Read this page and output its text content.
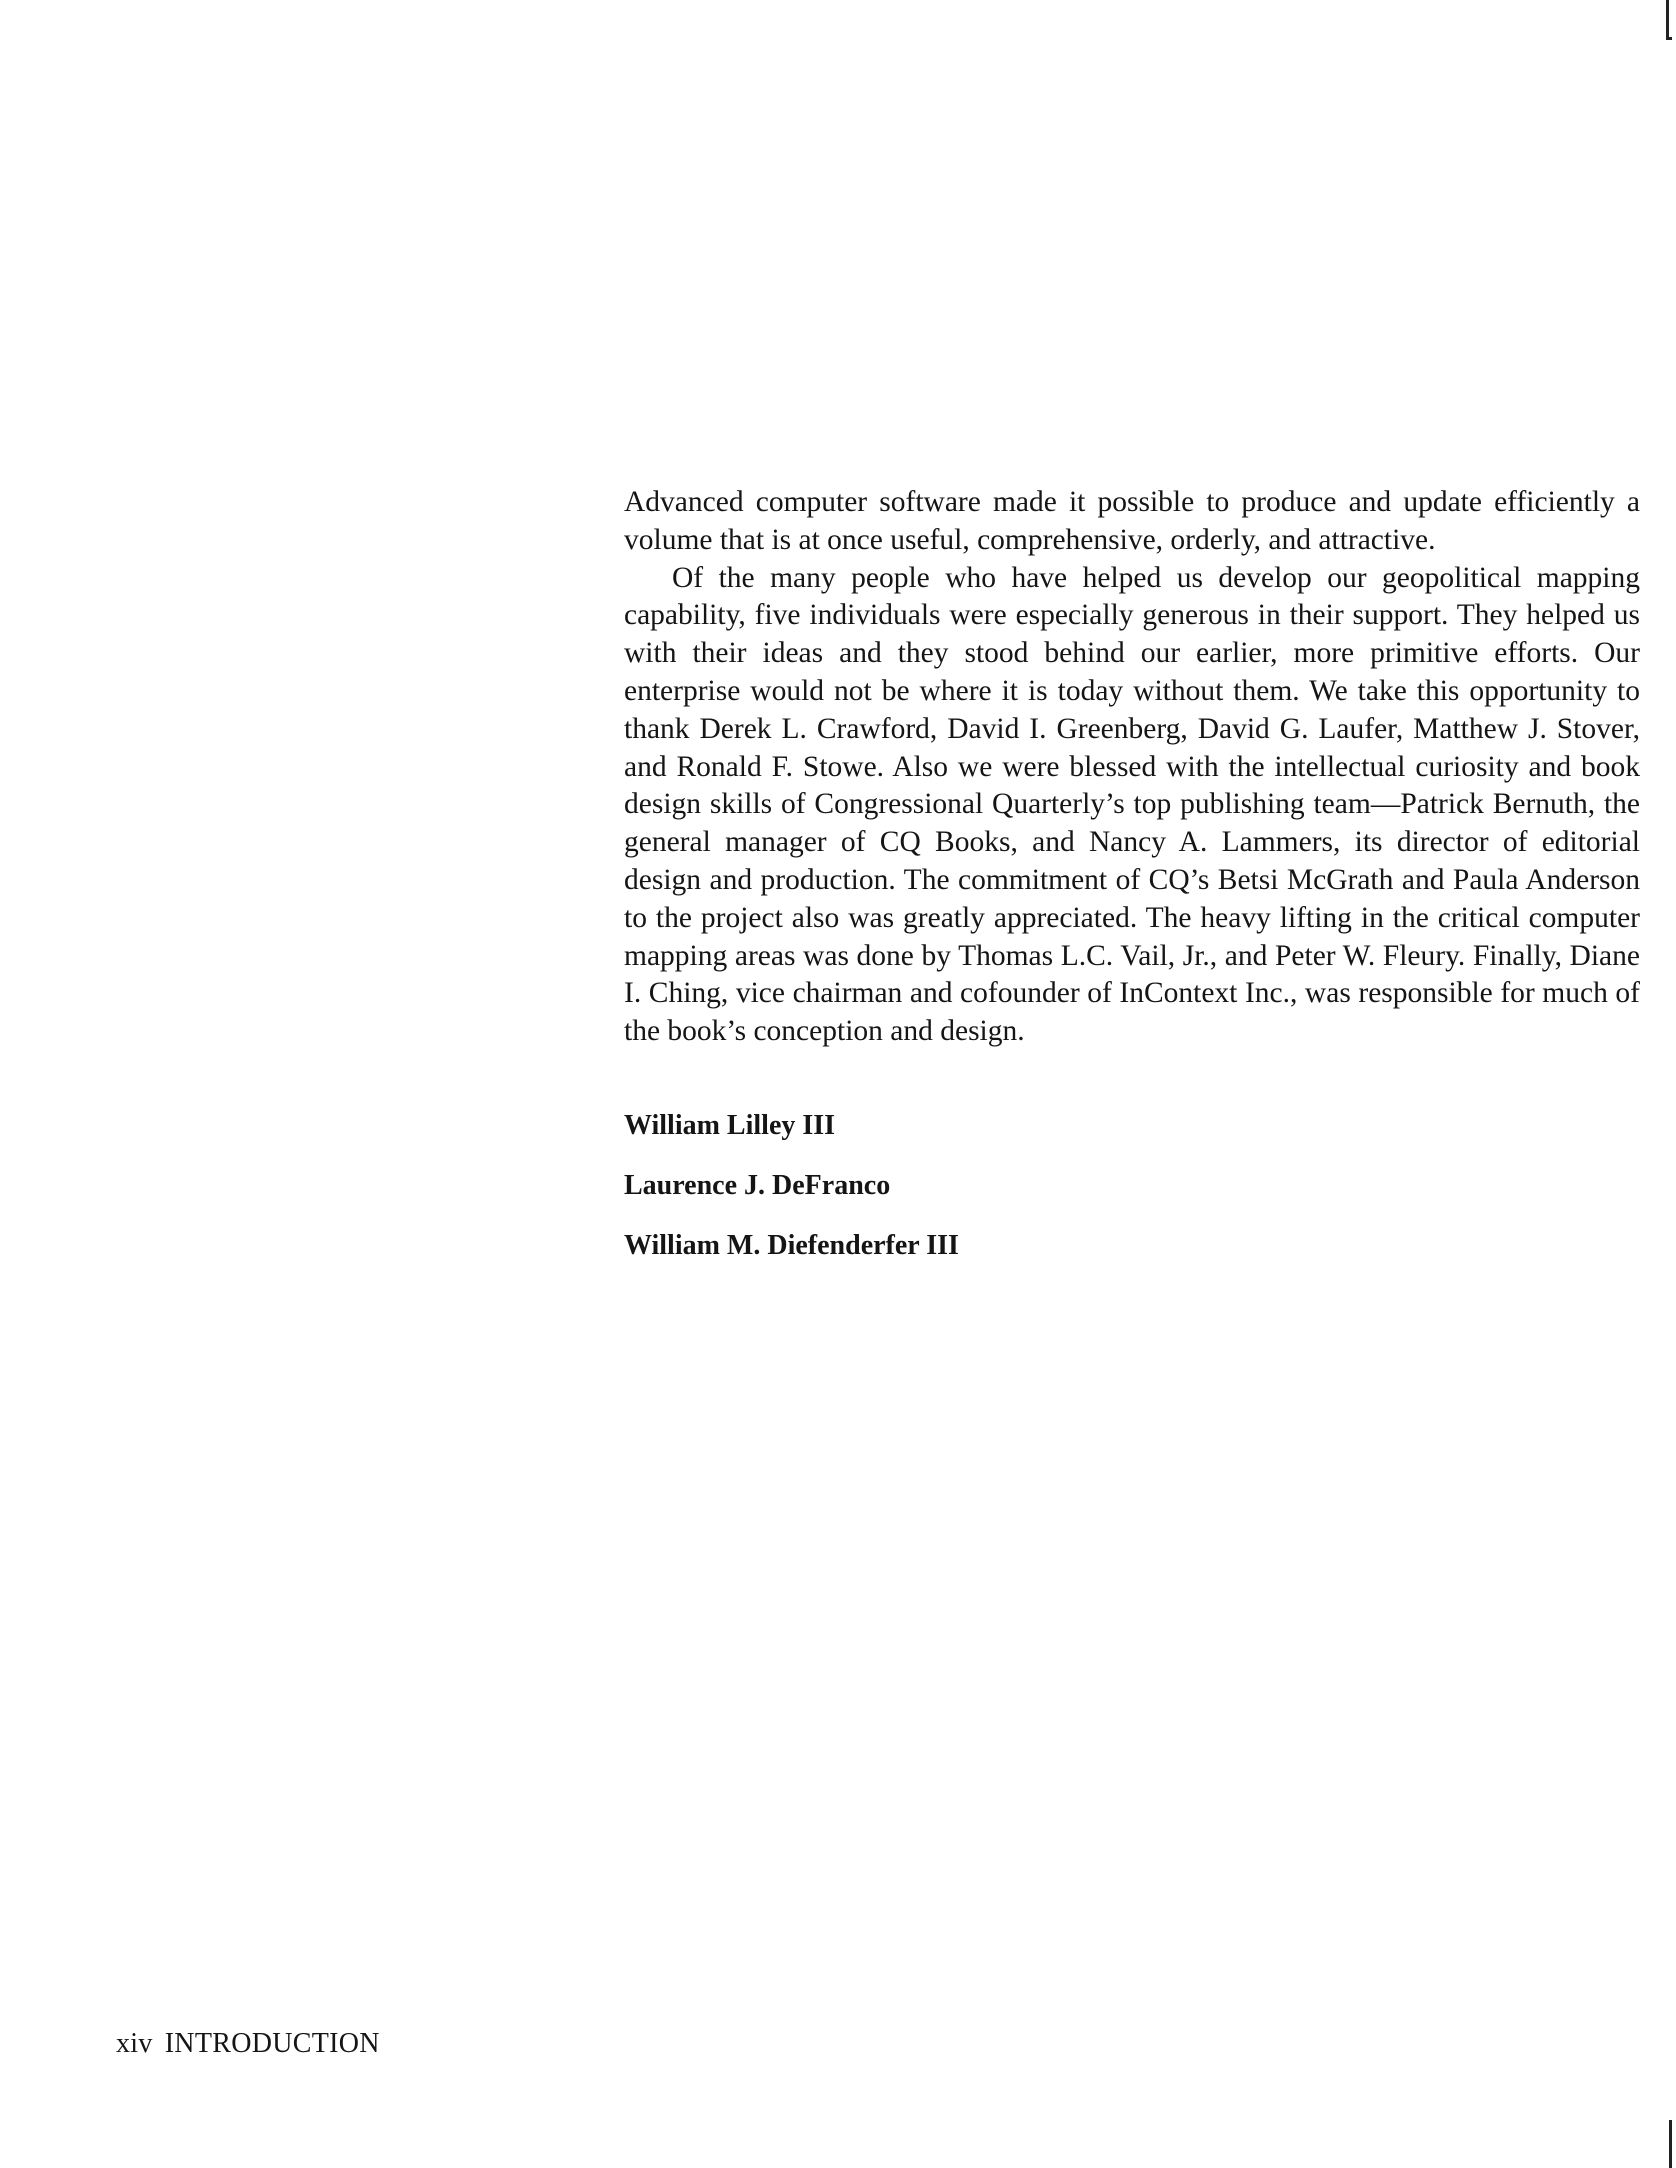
Advanced computer software made it possible to produce and update efficiently a volume that is at once useful, comprehensive, orderly, and attractive.

Of the many people who have helped us develop our geopolitical mapping capability, five individuals were especially generous in their support. They helped us with their ideas and they stood behind our earlier, more primitive efforts. Our enterprise would not be where it is today without them. We take this opportunity to thank Derek L. Crawford, David I. Greenberg, David G. Laufer, Matthew J. Stover, and Ronald F. Stowe. Also we were blessed with the intellectual curiosity and book design skills of Congressional Quarterly’s top publishing team—Patrick Bernuth, the general manager of CQ Books, and Nancy A. Lammers, its director of editorial design and production. The commitment of CQ’s Betsi McGrath and Paula Anderson to the project also was greatly appreciated. The heavy lifting in the critical computer mapping areas was done by Thomas L.C. Vail, Jr., and Peter W. Fleury. Finally, Diane I. Ching, vice chairman and cofounder of InContext Inc., was responsible for much of the book’s conception and design.

William Lilley III
Laurence J. DeFranco
William M. Diefenderfer III
xiv INTRODUCTION
